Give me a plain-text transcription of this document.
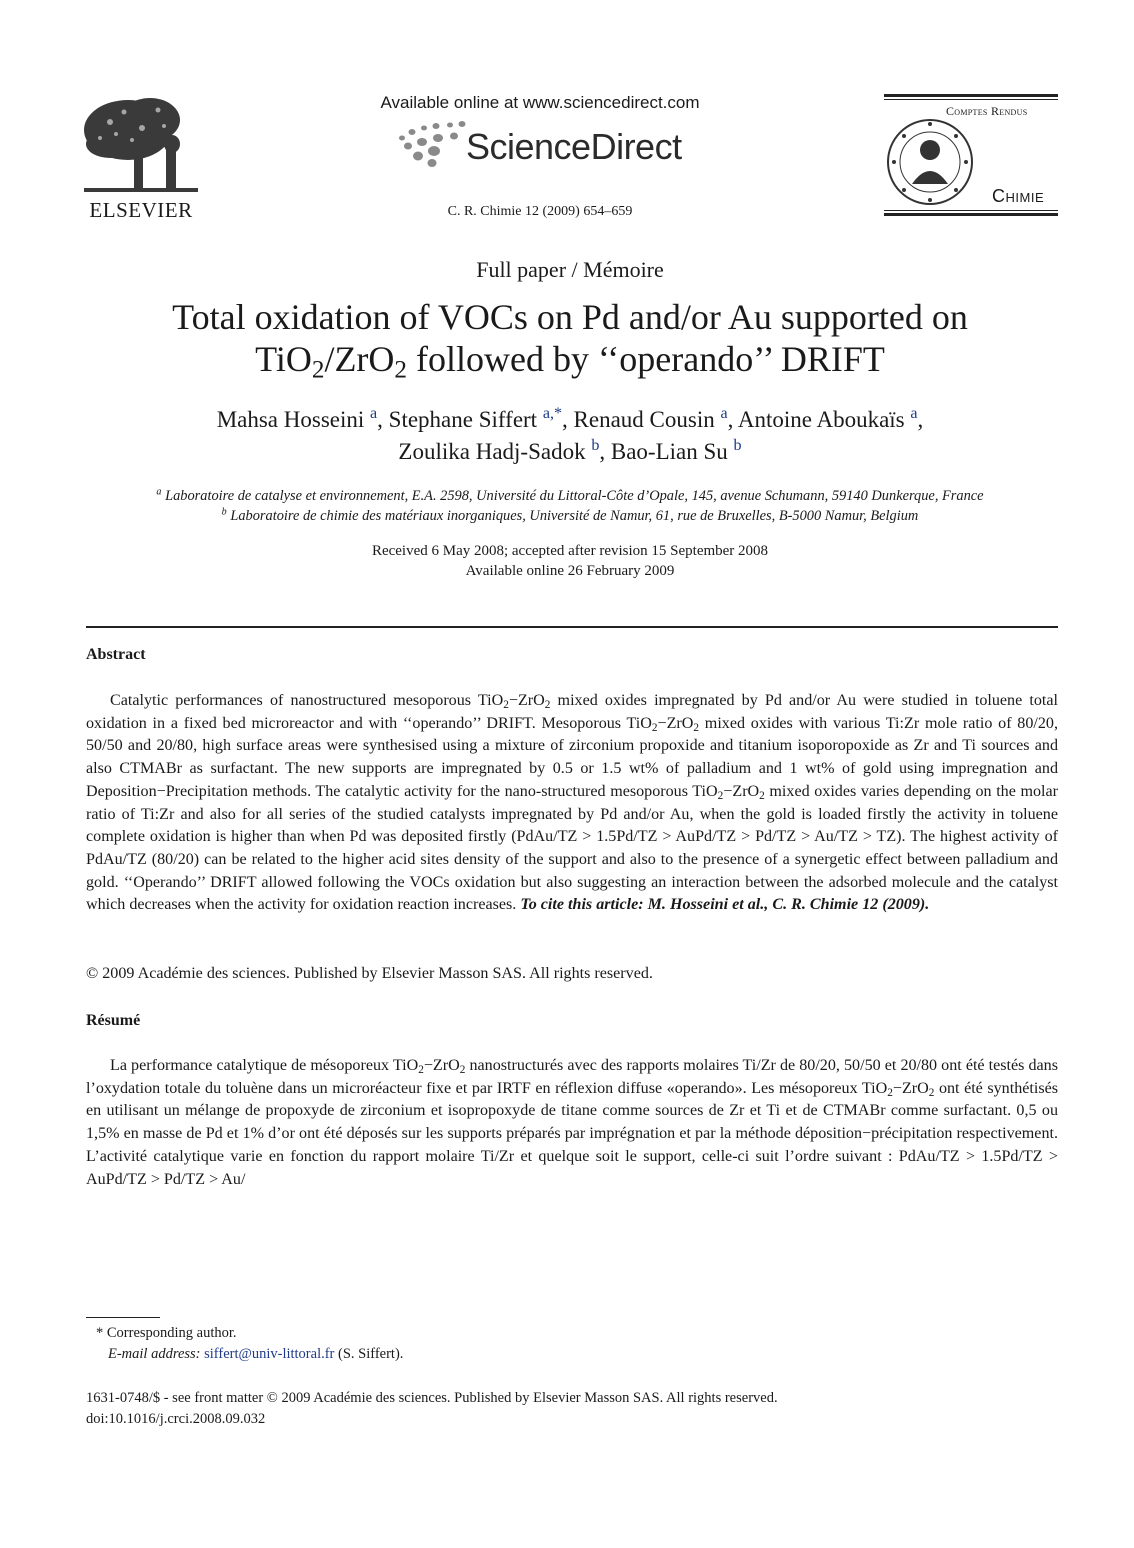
ELSEVIER
Available online at www.sciencedirect.com
ScienceDirect
C. R. Chimie 12 (2009) 654–659
Comptes Rendus
Chimie
Full paper / Mémoire
Total oxidation of VOCs on Pd and/or Au supported on
TiO$_2$/ZrO$_2$ followed by ‘‘operando’’ DRIFT
Mahsa Hosseini $^a$, Stephane Siffert $^{a,*}$, Renaud Cousin $^a$, Antoine Aboukaïs $^a$,
Zoulika Hadj-Sadok $^b$, Bao-Lian Su $^b$
$^a$ Laboratoire de catalyse et environnement, E.A. 2598, Université du Littoral-Côte d’Opale, 145, avenue Schumann, 59140 Dunkerque, France
$^b$ Laboratoire de chimie des matériaux inorganiques, Université de Namur, 61, rue de Bruxelles, B-5000 Namur, Belgium
Received 6 May 2008; accepted after revision 15 September 2008
Available online 26 February 2009
Abstract
Catalytic performances of nanostructured mesoporous TiO$_2$−ZrO$_2$ mixed oxides impregnated by Pd and/or Au were studied in toluene total oxidation in a fixed bed microreactor and with ‘‘operando’’ DRIFT. Mesoporous TiO$_2$−ZrO$_2$ mixed oxides with various Ti:Zr mole ratio of 80/20, 50/50 and 20/80, high surface areas were synthesised using a mixture of zirconium propoxide and titanium isoporopoxide as Zr and Ti sources and also CTMABr as surfactant. The new supports are impregnated by 0.5 or 1.5 wt% of palladium and 1 wt% of gold using impregnation and Deposition−Precipitation methods. The catalytic activity for the nano-structured mesoporous TiO$_2$−ZrO$_2$ mixed oxides varies depending on the molar ratio of Ti:Zr and also for all series of the studied catalysts impregnated by Pd and/or Au, when the gold is loaded firstly the activity in toluene complete oxidation is higher than when Pd was deposited firstly (PdAu/TZ > 1.5Pd/TZ > AuPd/TZ > Pd/TZ > Au/TZ > TZ). The highest activity of PdAu/TZ (80/20) can be related to the higher acid sites density of the support and also to the presence of a synergetic effect between palladium and gold. ‘‘Operando’’ DRIFT allowed following the VOCs oxidation but also suggesting an interaction between the adsorbed molecule and the catalyst which decreases when the activity for oxidation reaction increases. To cite this article: M. Hosseini et al., C. R. Chimie 12 (2009).
© 2009 Académie des sciences. Published by Elsevier Masson SAS. All rights reserved.
Résumé
La performance catalytique de mésoporeux TiO$_2$−ZrO$_2$ nanostructurés avec des rapports molaires Ti/Zr de 80/20, 50/50 et 20/80 ont été testés dans l’oxydation totale du toluène dans un microréacteur fixe et par IRTF en réflexion diffuse «operando». Les mésoporeux TiO$_2$−ZrO$_2$ ont été synthétisés en utilisant un mélange de propoxyde de zirconium et isopropoxyde de titane comme sources de Zr et Ti et de CTMABr comme surfactant. 0,5 ou 1,5% en masse de Pd et 1% d’or ont été déposés sur les supports préparés par imprégnation et par la méthode déposition−précipitation respectivement. L’activité catalytique varie en fonction du rapport molaire Ti/Zr et quelque soit le support, celle-ci suit l’ordre suivant : PdAu/TZ > 1.5Pd/TZ > AuPd/TZ > Pd/TZ > Au/
* Corresponding author.
E-mail address: siffert@univ-littoral.fr (S. Siffert).
1631-0748/$ - see front matter © 2009 Académie des sciences. Published by Elsevier Masson SAS. All rights reserved.
doi:10.1016/j.crci.2008.09.032
